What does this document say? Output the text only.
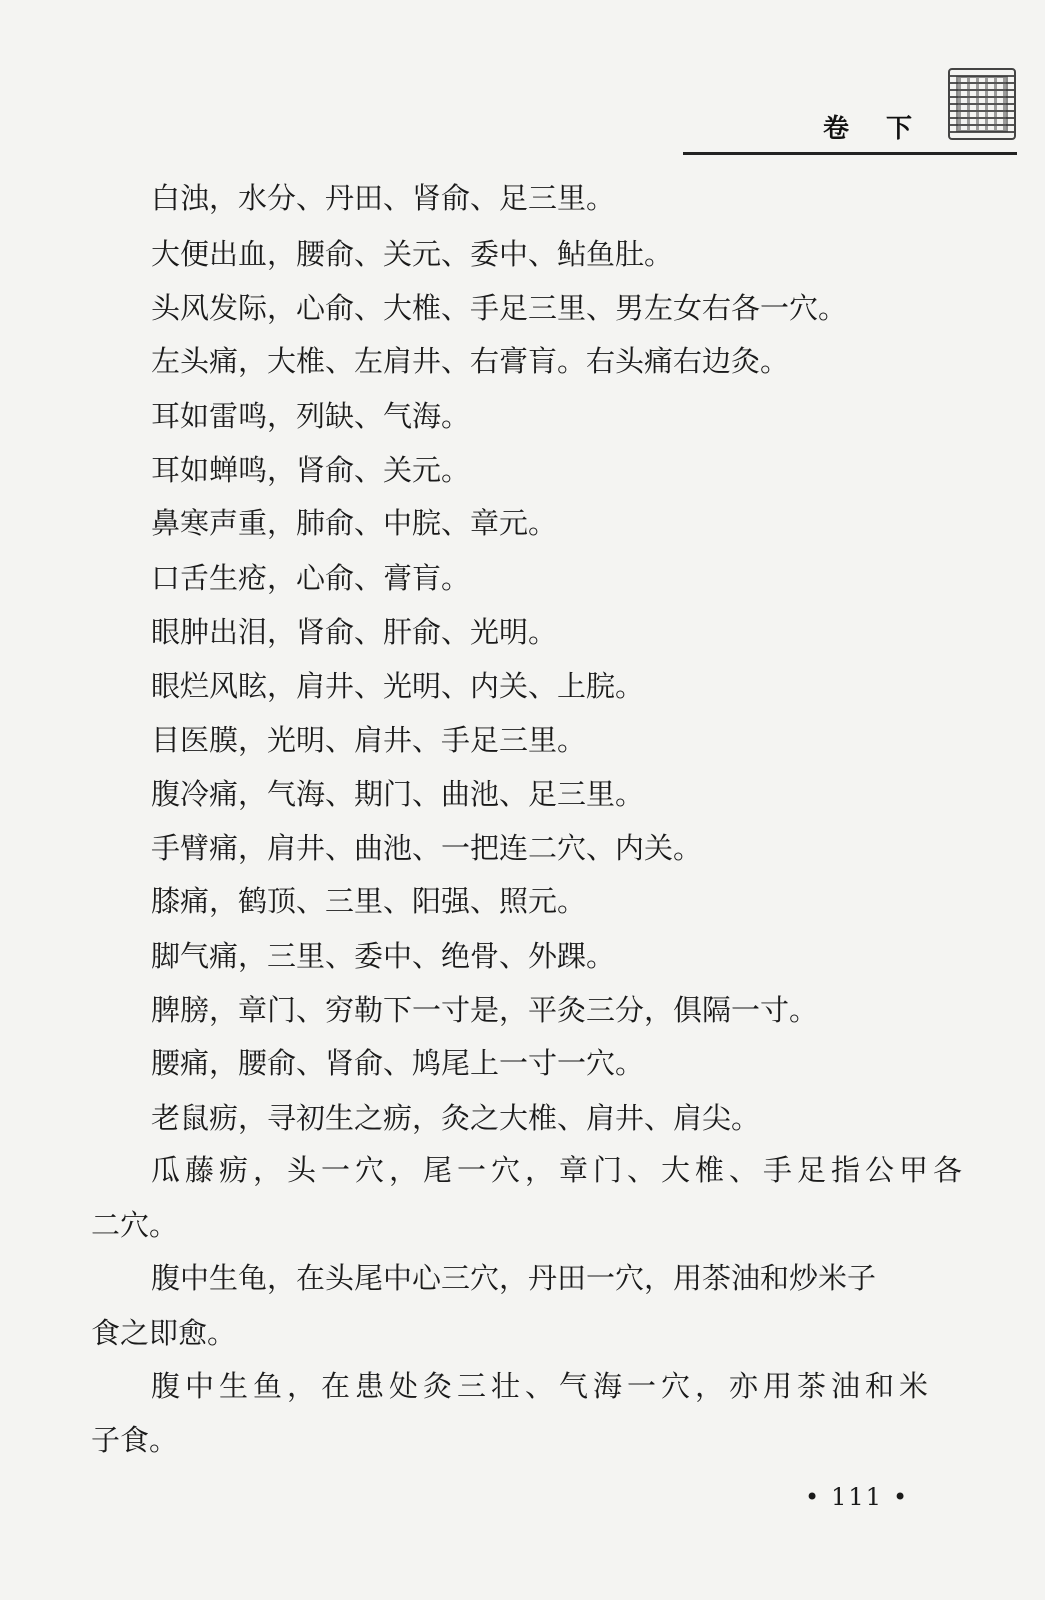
卷 下
白浊，水分、丹田、肾俞、足三里。
大便出血，腰俞、关元、委中、鲇鱼肚。
头风发际，心俞、大椎、手足三里、男左女右各一穴。
左头痛，大椎、左肩井、右膏肓。右头痛右边灸。
耳如雷鸣，列缺、气海。
耳如蝉鸣，肾俞、关元。
鼻寒声重，肺俞、中脘、章元。
口舌生疮，心俞、膏肓。
眼肿出泪，肾俞、肝俞、光明。
眼烂风眩，肩井、光明、内关、上脘。
目医膜，光明、肩井、手足三里。
腹冷痛，气海、期门、曲池、足三里。
手臂痛，肩井、曲池、一把连二穴、内关。
膝痛，鹤顶、三里、阳强、照元。
脚气痛，三里、委中、绝骨、外踝。
脾膀，章门、穷勒下一寸是，平灸三分，俱隔一寸。
腰痛，腰俞、肾俞、鸠尾上一寸一穴。
老鼠疬，寻初生之疬，灸之大椎、肩井、肩尖。
瓜藤疬，头一穴，尾一穴，章门、大椎、手足指公甲各
二穴。
腹中生龟，在头尾中心三穴，丹田一穴，用茶油和炒米子
食之即愈。
腹中生鱼，在患处灸三壮、气海一穴，亦用茶油和米
子食。
• 111 •
